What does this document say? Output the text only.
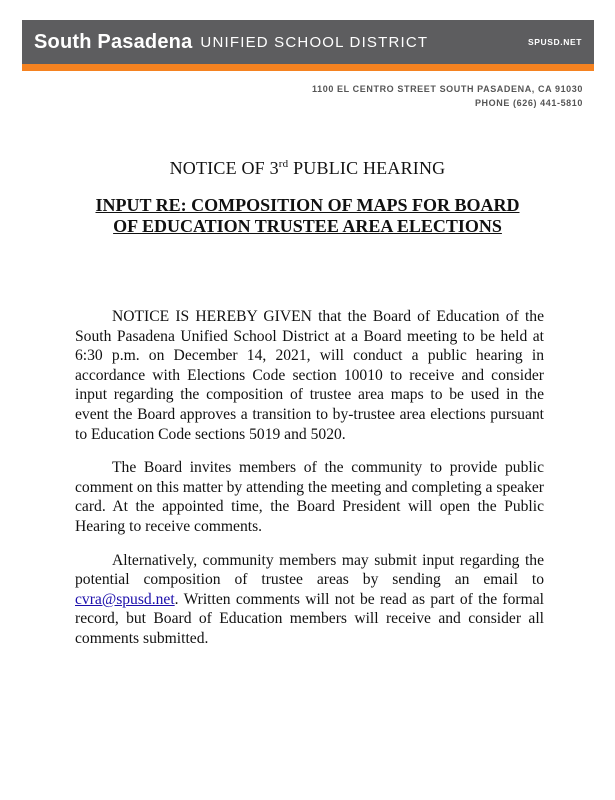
South Pasadena UNIFIED SCHOOL DISTRICT	SPUSD.NET
1100 EL CENTRO STREET SOUTH PASADENA, CA 91030
PHONE (626) 441-5810
NOTICE OF 3rd PUBLIC HEARING
INPUT RE: COMPOSITION OF MAPS FOR BOARD OF EDUCATION TRUSTEE AREA ELECTIONS

NOTICE IS HEREBY GIVEN that the Board of Education of the South Pasadena Unified School District at a Board meeting to be held at 6:30 p.m. on December 14, 2021, will conduct a public hearing in accordance with Elections Code section 10010 to receive and consider input regarding the composition of trustee area maps to be used in the event the Board approves a transition to by-trustee area elections pursuant to Education Code sections 5019 and 5020.

The Board invites members of the community to provide public comment on this matter by attending the meeting and completing a speaker card. At the appointed time, the Board President will open the Public Hearing to receive comments.

Alternatively, community members may submit input regarding the potential composition of trustee areas by sending an email to cvra@spusd.net. Written comments will not be read as part of the formal record, but Board of Education members will receive and consider all comments submitted.
